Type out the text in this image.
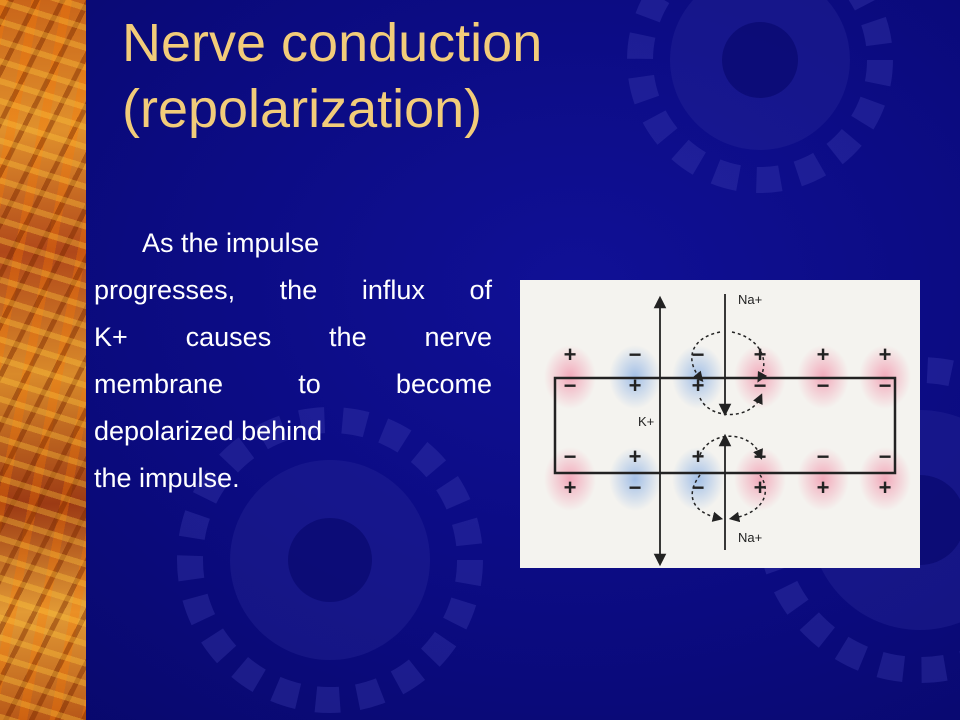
Nerve conduction (repolarization)
As the impulse
progresses, the influx of
K+ causes the nerve
membrane to become
depolarized behind
the impulse.
+ − − + + +
− + + − − −
− + + − − −
+ − − + + +
Na+
K+
Na+
